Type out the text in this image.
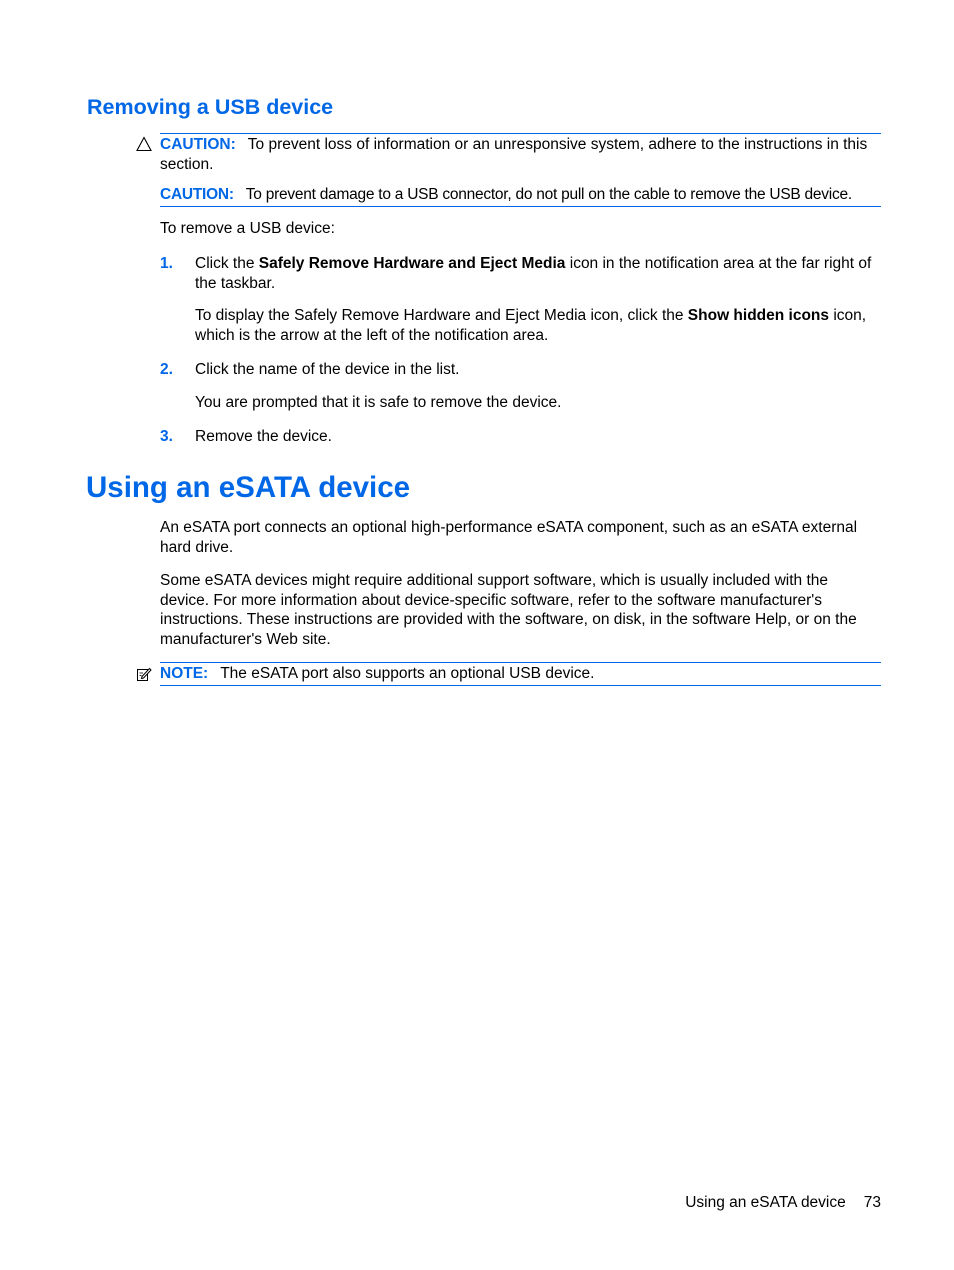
Removing a USB device
CAUTION: To prevent loss of information or an unresponsive system, adhere to the instructions in this section.
CAUTION: To prevent damage to a USB connector, do not pull on the cable to remove the USB device.

To remove a USB device:

1. Click the Safely Remove Hardware and Eject Media icon in the notification area at the far right of the taskbar.

To display the Safely Remove Hardware and Eject Media icon, click the Show hidden icons icon, which is the arrow at the left of the notification area.

2. Click the name of the device in the list.

You are prompted that it is safe to remove the device.

3. Remove the device.

Using an eSATA device

An eSATA port connects an optional high-performance eSATA component, such as an eSATA external hard drive.

Some eSATA devices might require additional support software, which is usually included with the device. For more information about device-specific software, refer to the software manufacturer's instructions. These instructions are provided with the software, on disk, in the software Help, or on the manufacturer's Web site.

NOTE: The eSATA port also supports an optional USB device.
Using an eSATA device 73
